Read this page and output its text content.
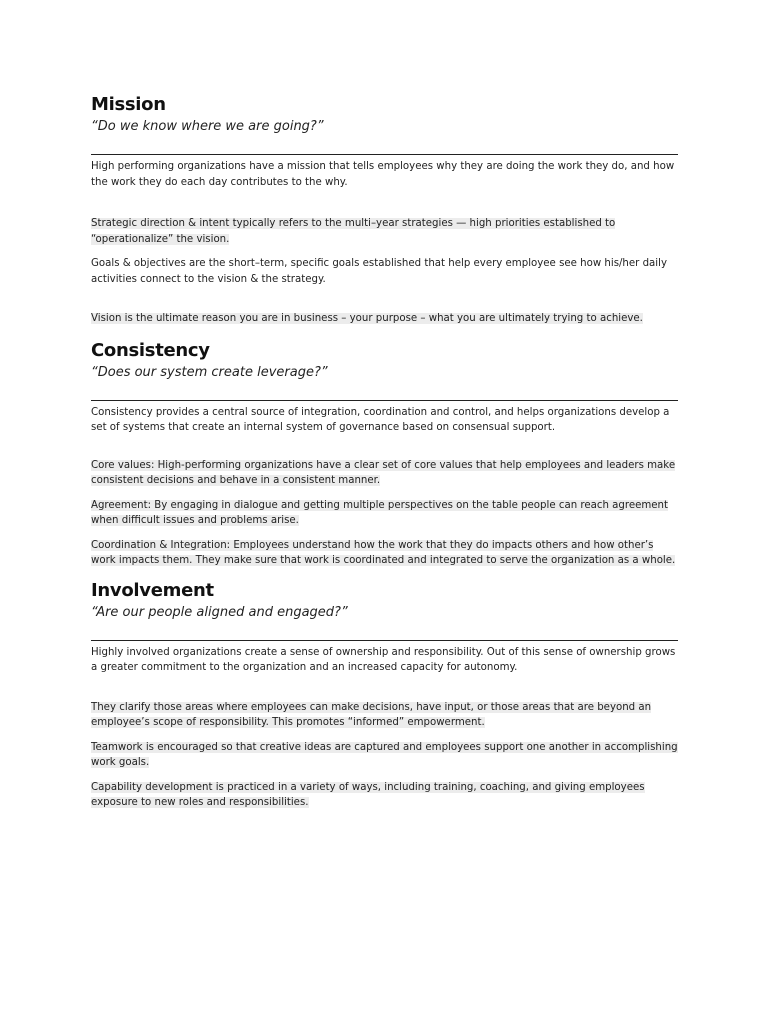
Mission

“Do we know where we are going?”

High performing organizations have a mission that tells employees why they are doing the work they do, and how the work they do each day contributes to the why.

Strategic direction & intent typically refers to the multi–year strategies — high priorities established to “operationalize” the vision.

Goals & objectives are the short–term, specific goals established that help every employee see how his/her daily activities connect to the vision & the strategy.

Vision is the ultimate reason you are in business – your purpose – what you are ultimately trying to achieve.

Consistency

“Does our system create leverage?”

Consistency provides a central source of integration, coordination and control, and helps organizations develop a set of systems that create an internal system of governance based on consensual support.

Core values: High-performing organizations have a clear set of core values that help employees and leaders make consistent decisions and behave in a consistent manner.

Agreement: By engaging in dialogue and getting multiple perspectives on the table people can reach agreement when difficult issues and problems arise.

Coordination & Integration: Employees understand how the work that they do impacts others and how other’s work impacts them. They make sure that work is coordinated and integrated to serve the organization as a whole.

Involvement

“Are our people aligned and engaged?”

Highly involved organizations create a sense of ownership and responsibility. Out of this sense of ownership grows a greater commitment to the organization and an increased capacity for autonomy.

They clarify those areas where employees can make decisions, have input, or those areas that are beyond an employee’s scope of responsibility. This promotes “informed” empowerment.

Teamwork is encouraged so that creative ideas are captured and employees support one another in accomplishing work goals.

Capability development is practiced in a variety of ways, including training, coaching, and giving employees exposure to new roles and responsibilities.
